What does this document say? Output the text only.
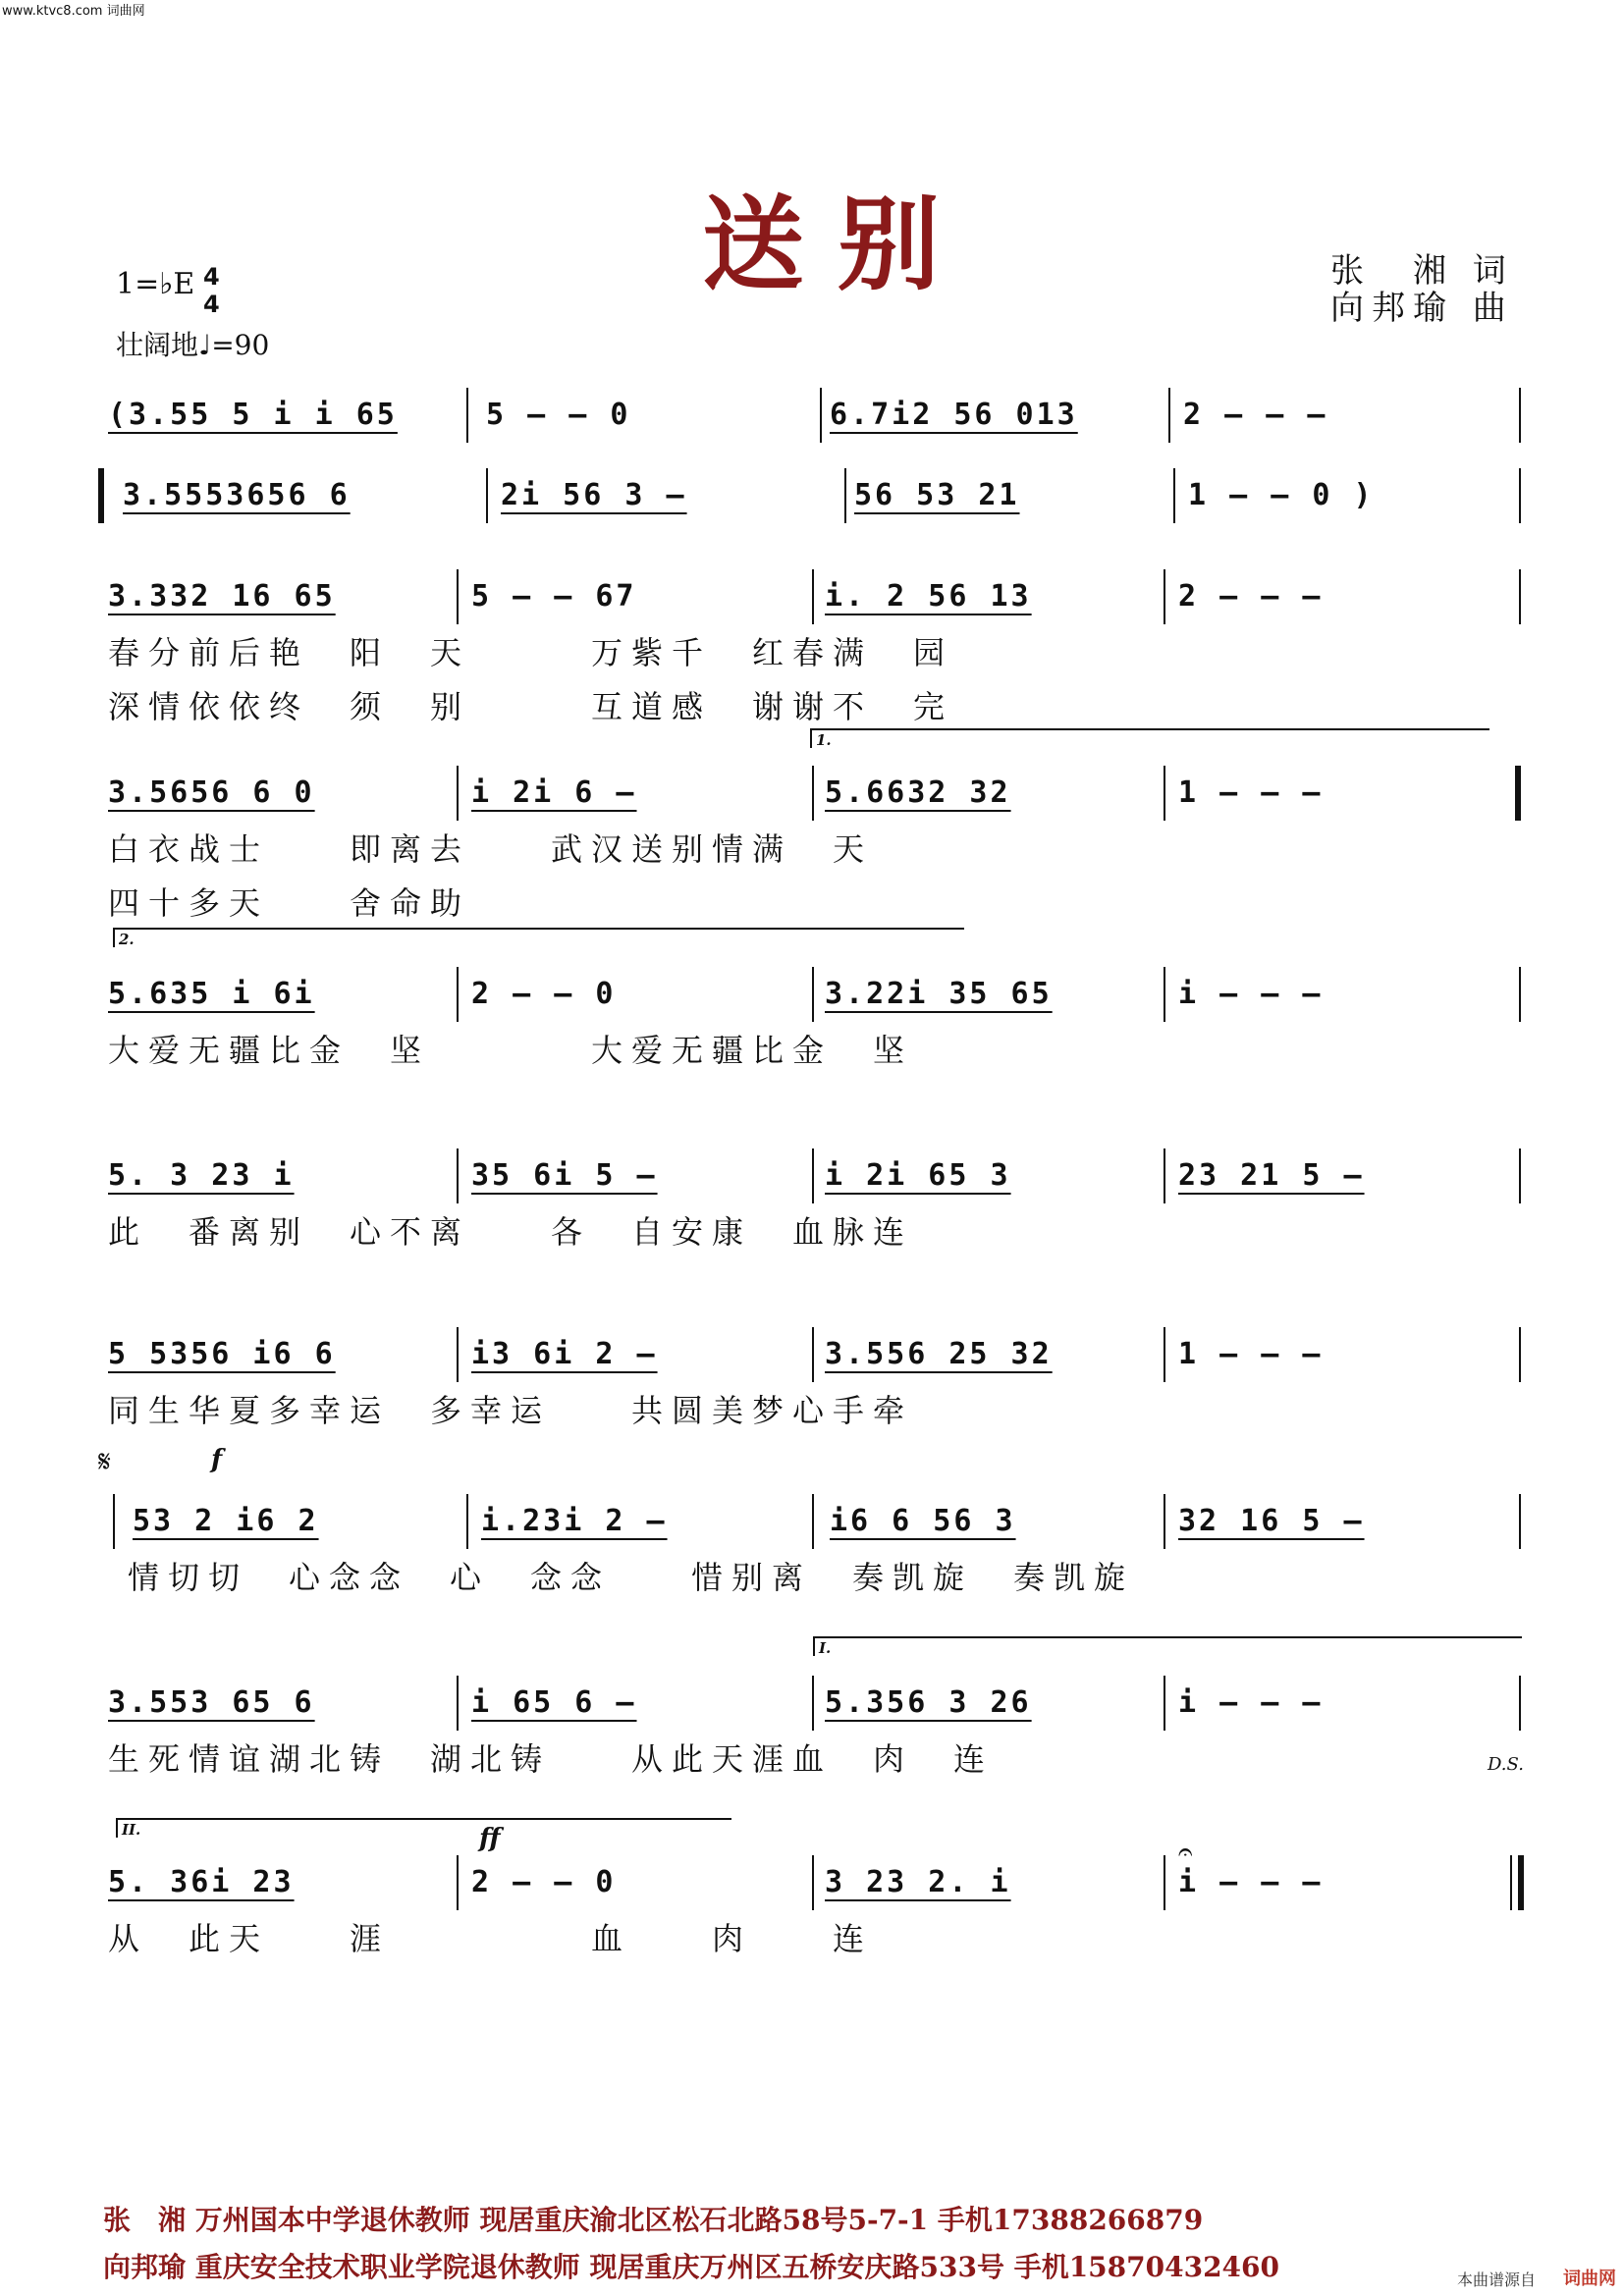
www.ktvc8.com 词曲网
送别	张　湘 词
向邦瑜 曲
1=♭E 4
4
壮阔地♩=90
(3.55 5 i i 65	5 – – 0	6.7i2 56 013	2 – – –
3.5553656 6	2i 56 3 –	56 53 21	1 – – 0 )
3.332 16 65	5 – – 67	i. 2 56 13	2 – – –
春分前后艳　阳　天　　　万紫千　红春满　园
深情依依终　须　别　　　互道感　谢谢不　完
1.
3.5656 6 0	i 2i 6 –	5.6632 32	1 – – –
白衣战士　　即离去　　武汉送别情满　天
四十多天　　舍命助
2.
5.635 i 6i	2 – – 0	3.22i 35 65	i – – –
大爱无疆比金　坚　　　　大爱无疆比金　坚
5. 3 23 i	35 6i 5 –	i 2i 65 3	23 21 5 –
此　番离别　心不离　　各　自安康　血脉连
5 5356 i6 6	i3 6i 2 –	3.556 25 32	1 – – –
同生华夏多幸运　多幸运　　共圆美梦心手牵
𝄋	f
53 2 i6 2	i.23i 2 –	i6 6 56 3	32 16 5 –
情切切　心念念　心　念念　　惜别离　奏凯旋　奏凯旋
I.
3.553 65 6	i 65 6 –	5.356 3 26	i – – –
生死情谊湖北铸　湖北铸　　从此天涯血　肉　连	D.S.
II.	ff
5. 36i 23	2 – – 0	3 23 2. i
𝄐
i – – –
从　此天　　涯　　　　　血　　肉　　连
张　湘 万州国本中学退休教师 现居重庆渝北区松石北路58号5-7-1 手机17388266879
向邦瑜 重庆安全技术职业学院退休教师 现居重庆万州区五桥安庆路533号 手机15870432460	本曲谱源自 词曲网
